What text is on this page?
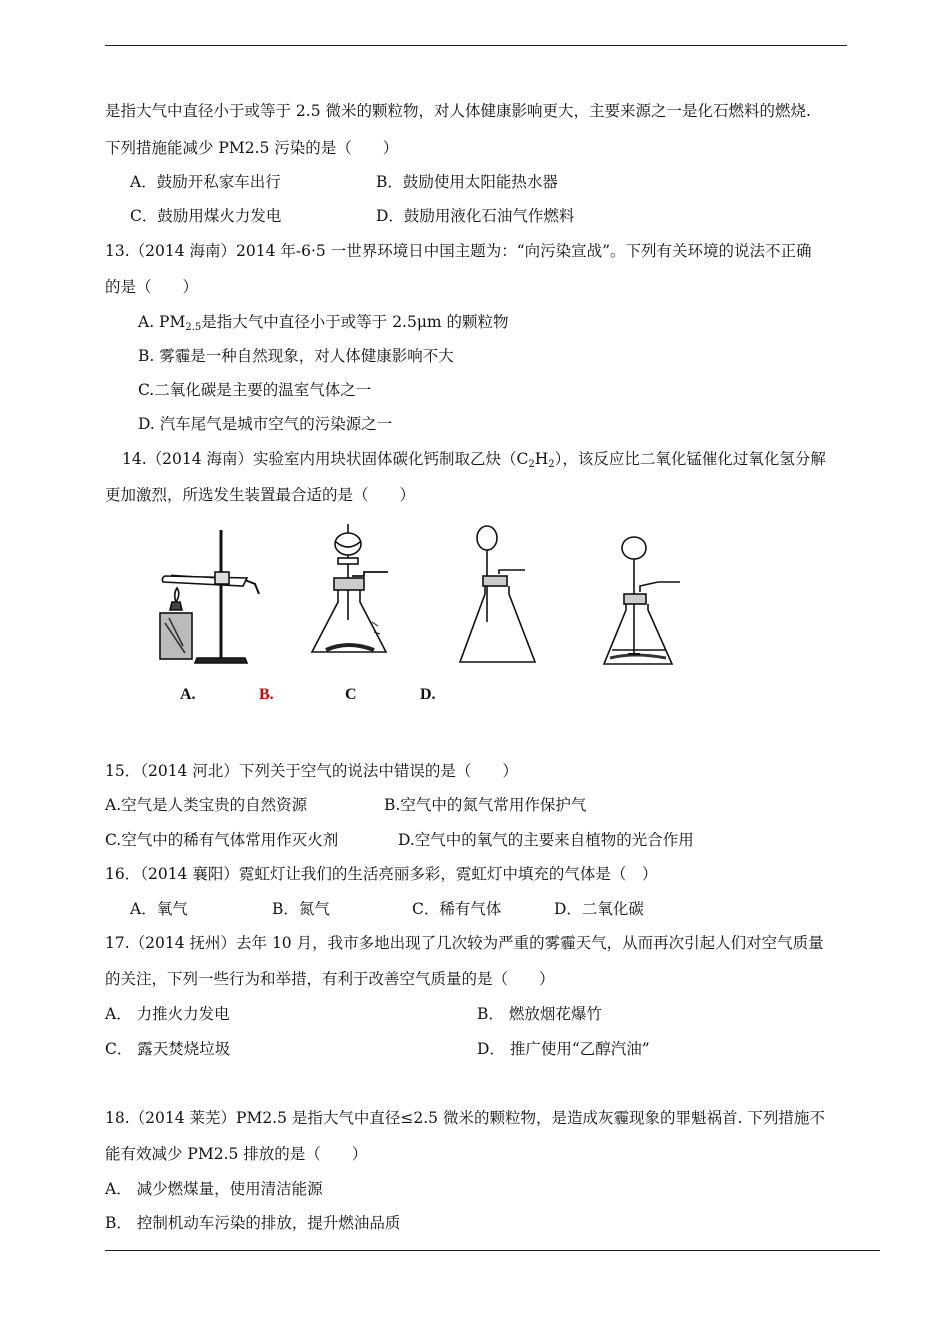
是指大气中直径小于或等于 2.5 微米的颗粒物，对人体健康影响更大，主要来源之一是化石燃料的燃烧.
下列措施能减少 PM2.5 污染的是（　　）
A．鼓励开私家车出行	B．鼓励使用太阳能热水器
C．鼓励用煤火力发电	D．鼓励用液化石油气作燃料
13.（2014 海南）2014 年-6·5 一世界环境日中国主题为：“向污染宣战”。下列有关环境的说法不正确
的是（　　）
A. $PM_{2.5}$是指大气中直径小于或等于 2.5μm 的颗粒物
B. 雾霾是一种自然现象，对人体健康影响不大
C.二氧化碳是主要的温室气体之一
D. 汽车尾气是城市空气的污染源之一
14.（2014 海南）实验室内用块状固体碳化钙制取乙炔$(C_2H_2)$，该反应比二氧化锰催化过氧化氢分解
更加激烈，所选发生装置最合适的是（　　）
A.	B.	C	D.
15．（2014 河北）下列关于空气的说法中错误的是（　　）
A.空气是人类宝贵的自然资源	B.空气中的氮气常用作保护气
C.空气中的稀有气体常用作灭火剂	D.空气中的氧气的主要来自植物的光合作用
16．（2014 襄阳）霓虹灯让我们的生活亮丽多彩，霓虹灯中填充的气体是（　）
A．氧气	B．氮气	C．稀有气体	D．二氧化碳
17.（2014 抚州）去年 10 月，我市多地出现了几次较为严重的雾霾天气，从而再次引起人们对空气质量
的关注，下列一些行为和举措，有利于改善空气质量的是（　　）
A． 力推火力发电	B． 燃放烟花爆竹
C． 露天焚烧垃圾	D． 推广使用“乙醇汽油”
18.（2014 莱芜）PM2.5 是指大气中直径≤2.5 微米的颗粒物，是造成灰霾现象的罪魁祸首. 下列措施不
能有效减少 PM2.5 排放的是（　　）
A． 减少燃煤量，使用清洁能源
B． 控制机动车污染的排放，提升燃油品质
